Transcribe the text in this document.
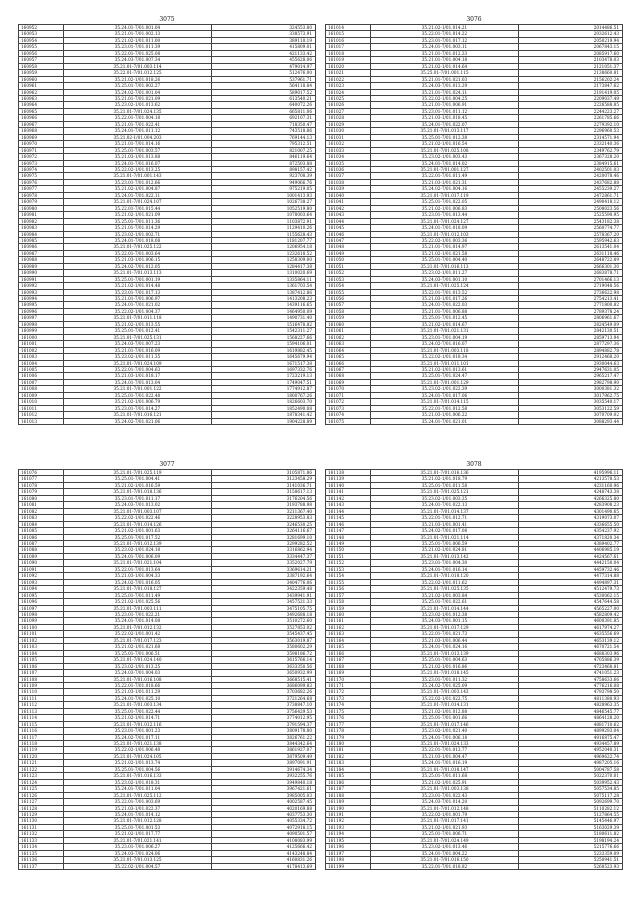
3075
160952	35.24.01-7/01.001.04	324553.80
160953	35.21.01-7/01.002.13	338573.91
160954	35.21.02-1/01.011.00	389110.19
160955	35.23.01-7/01.011.39	415809.01
160956	35.22.01-7/01.025.08	421133.42
160957	35.24.03-7/01.007.34	455628.06
160958	35.21.01-7/01.003.114	479014.97
160959	35.22.01-7/01.012.125	512476.00
160960	35.21.02-1/01.018.26	537961.71
160961	35.25.01-7/01.002.27	564118.84
160962	35.24.02-7/01.001.04	589017.52
160963	35.21.01-7/01.021.09	613540.21
160964	35.23.02-1/01.013.62	640072.26
160965	35.21.01-7/01.024.135	665811.06
160966	35.22.01-7/01.004.18	692107.31
160967	35.21.01-7/01.022.41	718350.47
160968	35.24.01-7/01.011.12	743518.86
160969	35.21.02-1/01.004.203	769144.13
160970	35.21.01-7/01.014.16	795312.51
160971	35.25.01-7/01.003.57	821007.25
160972	35.21.03-1/01.013.88	846119.64
160973	35.24.01-7/01.016.07	872503.88
160974	35.22.02-1/01.013.25	898157.42
160975	35.21.01-7/01.001.143	923708.39
160976	35.23.01-7/01.012.66	949066.76
160977	35.21.02-1/01.004.87	975219.05
160978	35.24.01-7/01.022.11	1001413.93
160979	35.21.01-7/01.024.107	1026738.27
160980	35.22.01-7/01.015.44	1052519.80
160981	35.21.02-1/01.021.09	1078003.64
160982	35.25.01-7/01.011.36	1103872.91
160983	35.21.01-7/01.014.29	1129410.26
160984	35.23.02-1/01.002.71	1155628.43
160985	35.24.01-7/01.018.08	1181207.77
160986	35.21.01-7/01.025.122	1206954.18
160987	35.22.01-7/01.003.64	1232618.52
160988	35.21.03-1/01.006.15	1258309.00
160989	35.24.02-7/01.012.05	1284417.38
160990	35.21.01-7/01.013.113	1310020.69
160991	35.25.01-7/01.001.19	1335864.11
160992	35.21.02-1/01.014.48	1361703.54
160993	35.23.01-7/01.017.13	1387412.86
160994	35.21.01-7/01.006.97	1413208.23
160995	35.24.01-7/01.021.02	1439116.65
160996	35.22.02-1/01.004.37	1464950.09
160997	35.21.01-7/01.011.118	1490731.40
160998	35.21.02-1/01.013.55	1516478.82
160999	35.25.01-7/01.012.41	1542311.27
161000	35.21.01-7/01.025.131	1568227.66
161001	35.24.03-7/01.007.23	1594106.01
161002	35.21.01-7/01.016.09	1619882.45
161003	35.23.02-1/01.011.35	1645679.94
161004	35.21.01-7/01.024.109	1671517.38
161005	35.22.01-7/01.004.63	1697332.76
161006	35.21.03-1/01.018.17	1723219.13
161007	35.24.01-7/01.013.04	1749047.51
161008	35.21.01-7/01.001.122	1774912.87
161009	35.25.01-7/01.022.48	1800767.26
161010	35.21.02-1/01.006.79	1826603.70
161011	35.23.01-7/01.014.27	1852490.08
161012	35.21.01-7/01.016.121	1878341.42
161013	35.24.02-7/01.021.06	1904228.89
3076
161014	35.21.02-1/01.014.21	2014486.51
161015	35.22.01-7/01.014.22	2032612.43
161016	35.23.01-7/01.017.12	2050219.94
161017	35.24.01-7/01.003.11	2067843.15
161018	35.21.01-7/01.012.33	2085917.60
161019	35.21.01-7/01.004.18	2103478.03
161020	35.21.02-1/01.014.64	2121051.37
161021	35.25.01-7/01.001.115	2138660.81
161022	35.21.01-7/01.021.03	2156202.24
161023	35.24.03-7/01.013.29	2173847.62
161024	35.21.01-7/01.024.11	2191419.05
161025	35.22.02-1/01.004.25	2209037.49
161026	35.21.01-7/01.006.91	2226588.85
161027	35.23.01-7/01.011.12	2244223.27
161028	35.21.03-1/01.018.45	2261785.66
161029	35.24.01-7/01.022.07	2279392.10
161030	35.21.01-7/01.013.117	2296960.53
161031	35.25.01-7/01.012.38	2314571.94
161032	35.21.02-1/01.016.54	2332140.36
161033	35.21.01-7/01.025.108	2349762.79
161034	35.23.02-1/01.003.43	2367328.20
161035	35.24.01-7/01.014.02	2384915.61
161036	35.21.01-7/01.001.127	2402501.03
161037	35.22.01-7/01.011.49	2420078.46
161038	35.21.03-1/01.021.31	2437682.88
161039	35.24.02-7/01.004.16	2455239.27
161040	35.21.01-7/01.017.119	2472861.71
161041	35.25.01-7/01.022.05	2490418.12
161042	35.21.02-1/01.006.83	2508023.56
161043	35.23.01-7/01.013.44	2525590.95
161044	35.21.01-7/01.024.127	2543182.38
161045	35.24.01-7/01.018.09	2560774.77
161046	35.21.01-7/01.012.103	2578367.20
161047	35.22.02-1/01.003.36	2595942.63
161048	35.21.01-7/01.014.97	2613541.04
161049	35.21.02-1/01.021.58	2631118.46
161050	35.25.01-7/01.004.40	2648722.89
161051	35.21.01-7/01.016.113	2666301.30
161052	35.23.02-1/01.011.27	2683878.71
161053	35.24.03-7/01.001.10	2701466.13
161054	35.21.01-7/01.025.124	2719048.56
161055	35.22.01-7/01.013.52	2736622.98
161056	35.21.03-1/01.017.26	2754213.41
161057	35.24.01-7/01.022.03	2771800.82
161058	35.21.01-7/01.006.88	2789378.24
161059	35.25.01-7/01.012.45	2806961.67
161060	35.21.02-1/01.014.67	2824549.09
161061	35.21.01-7/01.021.131	2842130.51
161062	35.23.01-7/01.004.19	2859713.94
161063	35.24.02-7/01.016.07	2877297.36
161064	35.21.01-7/01.003.118	2894882.78
161065	35.22.02-1/01.018.34	2912468.20
161066	35.21.01-7/01.011.101	2930044.63
161067	35.21.02-1/01.013.61	2947631.05
161068	35.25.01-7/01.024.47	2965217.47
161069	35.21.01-7/01.001.129	2982798.90
161070	35.23.02-1/01.022.39	3000381.32
161071	35.24.01-7/01.017.06	3017962.75
161072	35.21.01-7/01.014.115	3035540.17
161073	35.22.01-7/01.012.58	3053122.59
161074	35.21.03-1/01.006.22	3070709.02
161075	35.24.01-7/01.021.01	3088293.44
3077
161076	35.21.01-7/01.025.119	3105871.86
161077	35.25.01-7/01.004.41	3123458.29
161078	35.21.02-1/01.016.59	3141036.71
161079	35.21.01-7/01.018.136	3158617.13
161080	35.23.01-7/01.011.17	3176204.56
161081	35.24.03-7/01.013.02	3193788.98
161082	35.21.01-7/01.003.107	3211367.40
161083	35.22.02-1/01.022.46	3228953.83
161084	35.21.01-7/01.014.126	3246530.25
161085	35.21.02-1/01.001.63	3264116.67
161086	35.25.01-7/01.017.52	3281699.10
161087	35.21.01-7/01.012.139	3299282.52
161088	35.23.02-1/01.024.18	3316862.94
161089	35.24.01-7/01.006.09	3334447.37
161090	35.21.01-7/01.021.104	3352027.79
161091	35.22.01-7/01.013.64	3369614.21
161092	35.21.03-1/01.004.33	3387192.64
161093	35.24.02-7/01.016.05	3404776.06
161094	35.21.01-7/01.018.127	3422359.48
161095	35.25.01-7/01.011.49	3439941.91
161096	35.21.02-1/01.025.56	3457521.33
161097	35.21.01-7/01.003.111	3475105.75
161098	35.23.01-7/01.022.21	3492688.18
161099	35.24.01-7/01.014.08	3510272.60
161100	35.21.01-7/01.012.132	3527853.02
161101	35.22.02-1/01.001.42	3545437.45
161102	35.21.01-7/01.017.123	3563019.87
161103	35.21.02-1/01.021.68	3580602.29
161104	35.25.01-7/01.006.51	3598186.72
161105	35.21.01-7/01.024.140	3615766.14
161106	35.23.02-1/01.013.25	3633350.56
161107	35.24.03-7/01.004.03	3650932.99
161108	35.21.01-7/01.016.108	3668515.41
161109	35.22.01-7/01.018.66	3686099.83
161110	35.21.03-1/01.011.29	3703682.26
161111	35.24.01-7/01.025.10	3721264.68
161112	35.21.01-7/01.003.134	3738847.10
161113	35.25.01-7/01.022.44	3756429.53
161114	35.21.02-1/01.014.71	3774012.95
161115	35.21.01-7/01.012.116	3791594.37
161116	35.23.01-7/01.001.23	3809178.80
161117	35.24.02-7/01.017.11	3826761.22
161118	35.21.01-7/01.021.138	3844342.64
161119	35.22.02-1/01.006.48	3861927.07
161120	35.21.01-7/01.024.105	3879509.49
161121	35.21.02-1/01.013.74	3897091.91
161122	35.25.01-7/01.004.56	3914674.34
161123	35.21.01-7/01.016.133	3932255.76
161124	35.23.02-1/01.018.31	3949840.18
161125	35.24.01-7/01.011.04	3967421.61
161126	35.21.01-7/01.025.112	3985005.03
161127	35.22.01-7/01.003.69	4002587.45
161128	35.21.03-1/01.022.37	4020169.88
161129	35.24.01-7/01.014.12	4037753.30
161130	35.21.01-7/01.012.128	4055334.72
161131	35.25.01-7/01.001.53	4072918.15
161132	35.21.02-1/01.017.77	4090501.57
161133	35.21.01-7/01.021.141	4108083.99
161134	35.23.01-7/01.006.27	4125666.42
161135	35.24.03-7/01.024.06	4143248.84
161136	35.21.01-7/01.013.125	4160831.26
161137	35.22.02-1/01.004.57	4178413.69
3078
161138	35.21.01-7/01.016.136	4195996.11
161139	35.21.02-1/01.018.79	4213578.53
161140	35.25.01-7/01.011.58	4231160.96
161141	35.21.01-7/01.025.121	4248743.38
161142	35.23.02-1/01.003.35	4266325.80
161143	35.24.01-7/01.022.13	4283908.23
161144	35.21.01-7/01.014.137	4301490.65
161145	35.22.01-7/01.012.71	4319073.07
161146	35.21.03-1/01.001.41	4336655.50
161147	35.24.02-7/01.017.08	4354237.92
161148	35.21.01-7/01.021.114	4371820.34
161149	35.25.01-7/01.006.59	4389402.77
161150	35.21.02-1/01.024.81	4406985.19
161151	35.21.01-7/01.013.142	4424567.61
161152	35.23.01-7/01.004.30	4442150.04
161153	35.24.01-7/01.016.14	4459732.46
161154	35.21.01-7/01.018.120	4477314.88
161155	35.22.02-1/01.011.62	4494897.31
161156	35.21.01-7/01.025.135	4512479.73
161157	35.21.02-1/01.003.84	4530062.15
161158	35.25.01-7/01.022.61	4547644.58
161159	35.21.01-7/01.014.144	4565227.00
161160	35.23.02-1/01.012.38	4582809.42
161161	35.24.03-7/01.001.15	4600391.85
161162	35.21.01-7/01.017.129	4617974.27
161163	35.22.01-7/01.021.73	4635556.69
161164	35.21.03-1/01.006.44	4653139.12
161165	35.24.01-7/01.024.16	4670721.54
161166	35.21.01-7/01.013.139	4688303.96
161167	35.25.01-7/01.004.63	4705886.39
161168	35.21.02-1/01.016.86	4723468.81
161169	35.21.01-7/01.018.145	4741051.23
161170	35.23.01-7/01.011.32	4758633.66
161171	35.24.02-7/01.025.09	4776216.08
161172	35.21.01-7/01.003.143	4793798.50
161173	35.22.02-1/01.022.75	4811380.93
161174	35.21.01-7/01.014.131	4828963.35
161175	35.21.02-1/01.012.88	4846545.77
161176	35.25.01-7/01.001.66	4864128.20
161177	35.21.01-7/01.017.146	4881710.62
161178	35.23.02-1/01.021.40	4899293.04
161179	35.24.01-7/01.006.18	4916875.47
161180	35.21.01-7/01.024.133	4934457.89
161181	35.22.01-7/01.013.77	4952040.31
161182	35.21.03-1/01.004.47	4969622.74
161183	35.24.01-7/01.016.19	4987205.16
161184	35.21.01-7/01.018.147	5004787.58
161185	35.25.01-7/01.011.68	5022370.01
161186	35.21.02-1/01.025.91	5039952.43
161187	35.21.01-7/01.003.138	5057534.85
161188	35.23.01-7/01.022.43	5075117.28
161189	35.24.03-7/01.014.20	5092699.70
161190	35.21.01-7/01.012.148	5110282.12
161191	35.22.02-1/01.001.79	5127864.55
161192	35.21.01-7/01.017.141	5145446.97
161193	35.21.02-1/01.021.93	5163029.39
161194	35.25.01-7/01.006.71	5180611.82
161195	35.21.01-7/01.024.149	5198194.24
161196	35.23.02-1/01.013.46	5215776.66
161197	35.24.01-7/01.004.22	5233359.09
161198	35.21.01-7/01.016.150	5250941.51
161199	35.22.01-7/01.018.82	5268523.93
